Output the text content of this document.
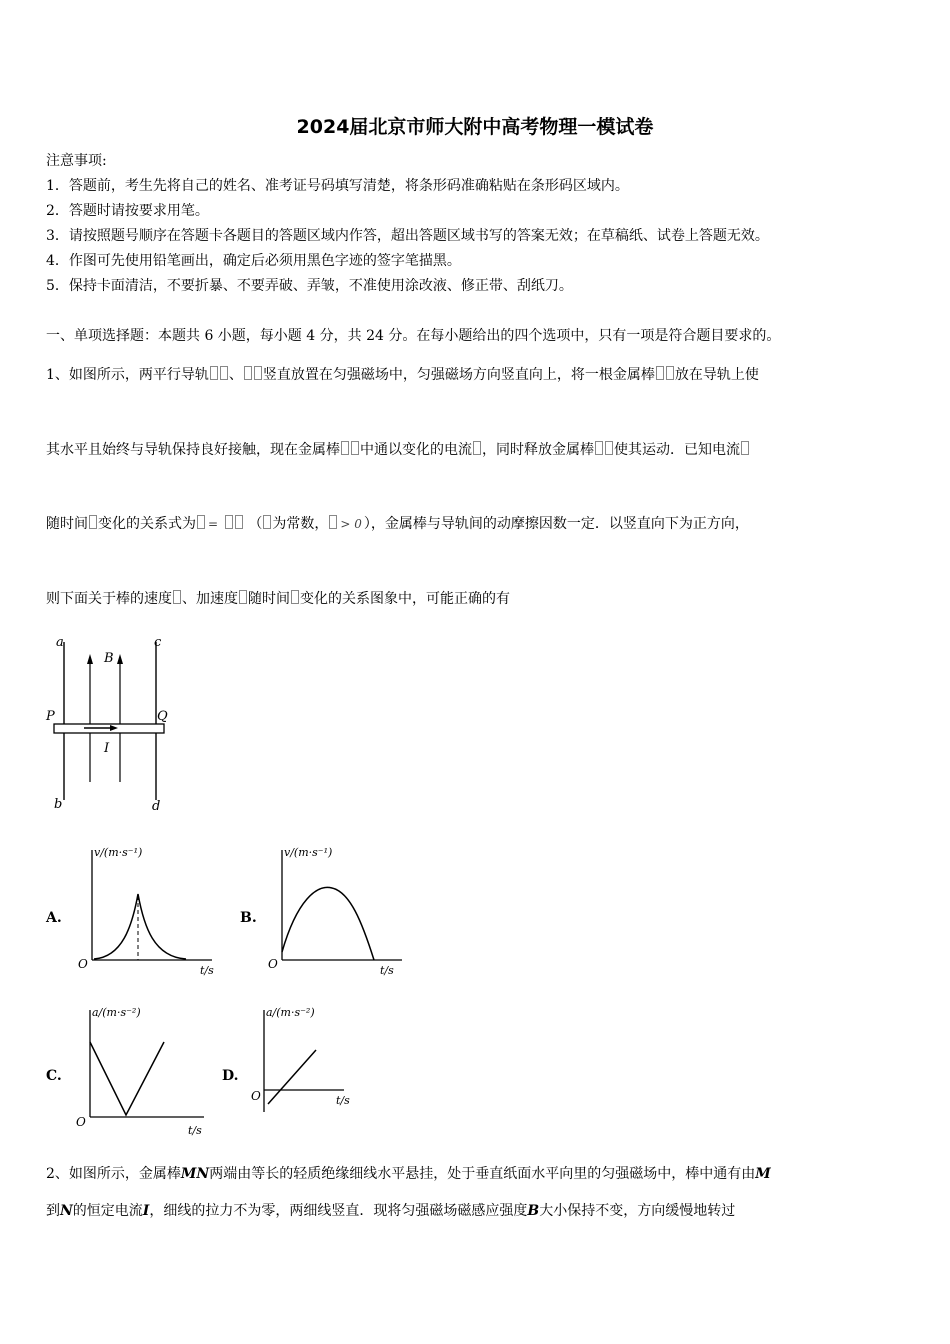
2024届北京市师大附中高考物理一模试卷
注意事项:
1．答题前，考生先将自己的姓名、准考证号码填写清楚，将条形码准确粘贴在条形码区域内。
2．答题时请按要求用笔。
3．请按照题号顺序在答题卡各题目的答题区域内作答，超出答题区域书写的答案无效；在草稿纸、试卷上答题无效。
4．作图可先使用铅笔画出，确定后必须用黑色字迹的签字笔描黑。
5．保持卡面清洁，不要折暴、不要弄破、弄皱，不准使用涂改液、修正带、刮纸刀。
一、单项选择题：本题共 6 小题，每小题 4 分，共 24 分。在每小题给出的四个选项中，只有一项是符合题目要求的。
1、如图所示，两平行导轨 、 竖直放置在匀强磁场中，匀强磁场方向竖直向上，将一根金属棒 放在导轨上使
其水平且始终与导轨保持良好接触，现在金属棒 中通以变化的电流 ，同时释放金属棒 使其运动．已知电流
随时间 变化的关系式为 =  （ 为常数， > 0 ），金属棒与导轨间的动摩擦因数一定．以竖直向下为正方向，
则下面关于棒的速度 、加速度 随时间 变化的关系图象中，可能正确的有
a	c
b	d
P	Q
B
I
A.
v/(m·s⁻¹)
t/s
O
B.
v/(m·s⁻¹)
t/s
O
C.
a/(m·s⁻²)
t/s
O
D.
a/(m·s⁻²)
t/s
O
2、如图所示，金属棒MN两端由等长的轻质绝缘细线水平悬挂，处于垂直纸面水平向里的匀强磁场中，棒中通有由M
到N的恒定电流I，细线的拉力不为零，两细线竖直．现将匀强磁场磁感应强度B大小保持不变，方向缓慢地转过
